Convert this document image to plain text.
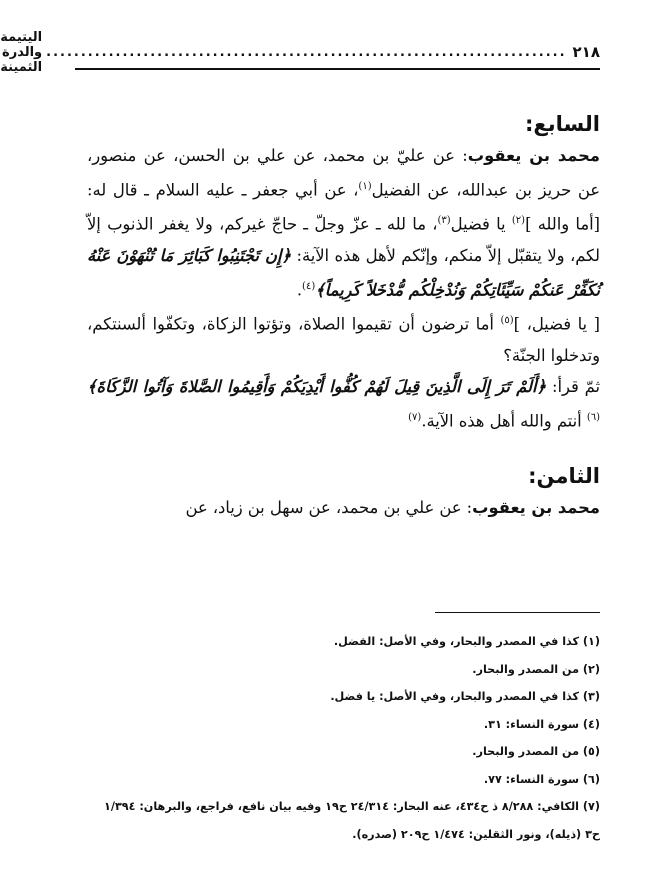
٢١٨
...........................................................................
اليتيمة والدرة الثمينة
السابع:

محمد بن يعقوب: عن عليّ بن محمد، عن علي بن الحسن، عن منصور، عن حريز بن عبدالله، عن الفضيل$^{(١)}$، عن أبي جعفر ـ عليه السلام ـ قال له: [أما والله ]$^{(٢)}$ يا فضيل$^{(٣)}$، ما لله ـ عزّ وجلّ ـ حاجّ غيركم، ولا يغفر الذنوب إلاّ لكم، ولا يتقبّل إلاّ منكم، وإنّكم لأهل هذه الآية: ﴿إِن تَجْتَنِبُوا كَبَائِرَ مَا تُنْهَوْنَ عَنْهُ نُكَفِّرْ عَنكُمْ سَيِّئَاتِكُمْ وَنُدْخِلْكُم مُّدْخَلاً كَرِيماً﴾$^{(٤)}$.

[ يا فضيل، ]$^{(٥)}$ أما ترضون أن تقيموا الصلاة، وتؤتوا الزكاة، وتكفّوا ألسنتكم، وتدخلوا الجنّة؟

ثمّ قرأ: ﴿أَلَمْ تَرَ إِلَى الَّذِينَ قِيلَ لَهُمْ كُفُّوا أَيْدِيَكُمْ وَأَقِيمُوا الصَّلاةَ وَآتُوا الزَّكَاةَ﴾$^{(٦)}$ أنتم والله أهل هذه الآية.$^{(٧)}$

الثامن:

محمد بن يعقوب: عن علي بن محمد، عن سهل بن زياد، عن

(١) كذا في المصدر والبحار، وفي الأصل: الفضل.

(٢) من المصدر والبحار.

(٣) كذا في المصدر والبحار، وفي الأصل: يا فضل.

(٤) سورة النساء: ٣١.

(٥) من المصدر والبحار.

(٦) سورة النساء: ٧٧.

(٧) الكافي: ٨/٢٨٨ ذ ح٤٣٤، عنه البحار: ٢٤/٣١٤ ح١٩ وفيه بيان نافع، فراجع، والبرهان: ١/٣٩٤ ح٣ (ذيله)، ونور الثقلين: ١/٤٧٤ ح٢٠٩ (صدره).
